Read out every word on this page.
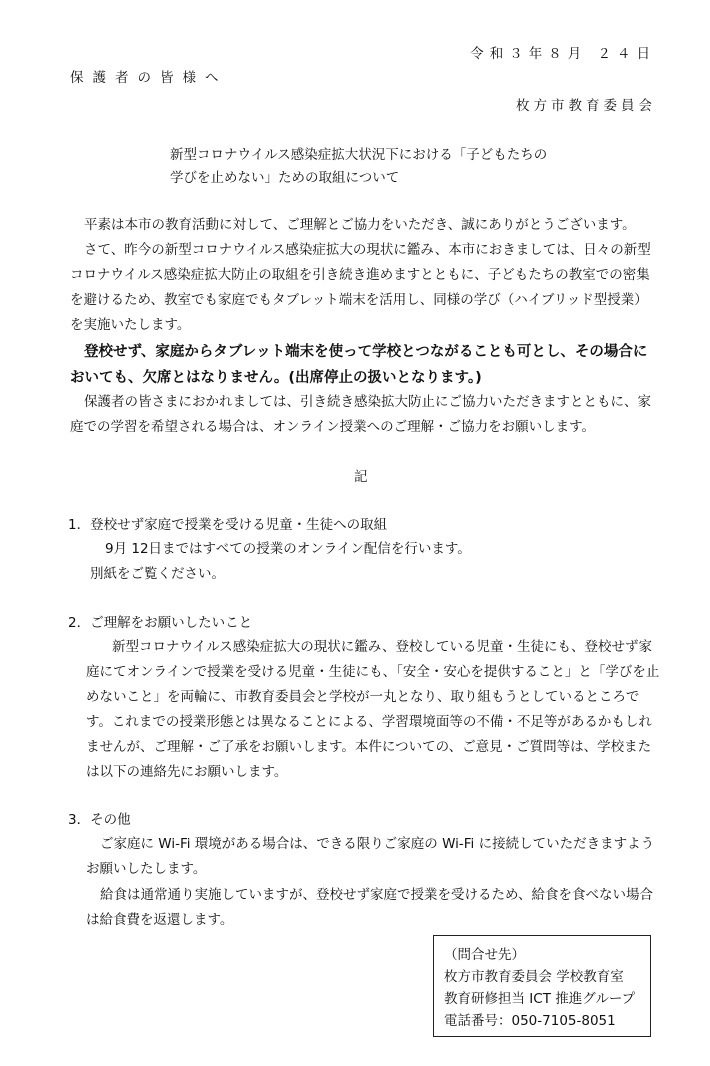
令和３年８月 ２４日
保護者の皆様へ
枚方市教育委員会
新型コロナウイルス感染症拡大状況下における「子どもたちの
学びを止めない」ための取組について
平素は本市の教育活動に対して、ご理解とご協力をいただき、誠にありがとうございます。
さて、昨今の新型コロナウイルス感染症拡大の現状に鑑み、本市におきましては、日々の新型コロナウイルス感染症拡大防止の取組を引き続き進めますとともに、子どもたちの教室での密集を避けるため、教室でも家庭でもタブレット端末を活用し、同様の学び（ハイブリッド型授業）を実施いたします。
登校せず、家庭からタブレット端末を使って学校とつながることも可とし、その場合においても、欠席とはなりません。(出席停止の扱いとなります。)
保護者の皆さまにおかれましては、引き続き感染拡大防止にご協力いただきますとともに、家庭での学習を希望される場合は、オンライン授業へのご理解・ご協力をお願いします。
記
1．登校せず家庭で授業を受ける児童・生徒への取組
9月 12日まではすべての授業のオンライン配信を行います。
別紙をご覧ください。
2．ご理解をお願いしたいこと
新型コロナウイルス感染症拡大の現状に鑑み、登校している児童・生徒にも、登校せず家庭にてオンラインで授業を受ける児童・生徒にも、「安全・安心を提供すること」と「学びを止めないこと」を両輪に、市教育委員会と学校が一丸となり、取り組もうとしているところです。これまでの授業形態とは異なることによる、学習環境面等の不備・不足等があるかもしれませんが、ご理解・ご了承をお願いします。本件についての、ご意見・ご質問等は、学校または以下の連絡先にお願いします。
3．その他
ご家庭に Wi-Fi 環境がある場合は、できる限りご家庭の Wi-Fi に接続していただきますようお願いしたします。
給食は通常通り実施していますが、登校せず家庭で授業を受けるため、給食を食べない場合は給食費を返還します。
（問合せ先）
枚方市教育委員会 学校教育室
教育研修担当 ICT 推進グループ
電話番号：050-7105-8051
